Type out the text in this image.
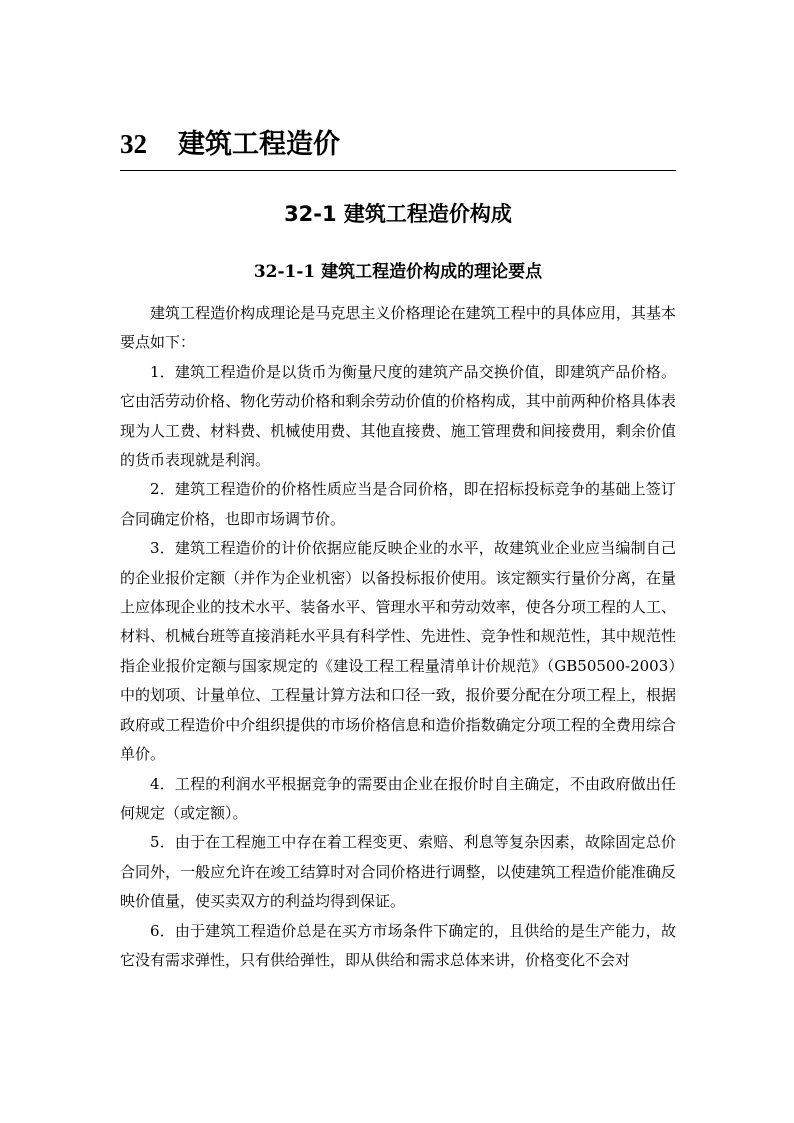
32 建筑工程造价
32-1 建筑工程造价构成
32-1-1 建筑工程造价构成的理论要点

建筑工程造价构成理论是马克思主义价格理论在建筑工程中的具体应用，其基本要点如下：

1．建筑工程造价是以货币为衡量尺度的建筑产品交换价值，即建筑产品价格。它由活劳动价格、物化劳动价格和剩余劳动价值的价格构成，其中前两种价格具体表现为人工费、材料费、机械使用费、其他直接费、施工管理费和间接费用，剩余价值的货币表现就是利润。

2．建筑工程造价的价格性质应当是合同价格，即在招标投标竞争的基础上签订合同确定价格，也即市场调节价。

3．建筑工程造价的计价依据应能反映企业的水平，故建筑业企业应当编制自己的企业报价定额（并作为企业机密）以备投标报价使用。该定额实行量价分离，在量上应体现企业的技术水平、装备水平、管理水平和劳动效率，使各分项工程的人工、材料、机械台班等直接消耗水平具有科学性、先进性、竞争性和规范性，其中规范性指企业报价定额与国家规定的《建设工程工程量清单计价规范》（GB50500-2003）中的划项、计量单位、工程量计算方法和口径一致，报价要分配在分项工程上，根据政府或工程造价中介组织提供的市场价格信息和造价指数确定分项工程的全费用综合单价。

4．工程的利润水平根据竞争的需要由企业在报价时自主确定，不由政府做出任何规定（或定额）。

5．由于在工程施工中存在着工程变更、索赔、利息等复杂因素，故除固定总价合同外，一般应允许在竣工结算时对合同价格进行调整，以使建筑工程造价能准确反映价值量，使买卖双方的利益均得到保证。

6．由于建筑工程造价总是在买方市场条件下确定的，且供给的是生产能力，故它没有需求弹性，只有供给弹性，即从供给和需求总体来讲，价格变化不会对
